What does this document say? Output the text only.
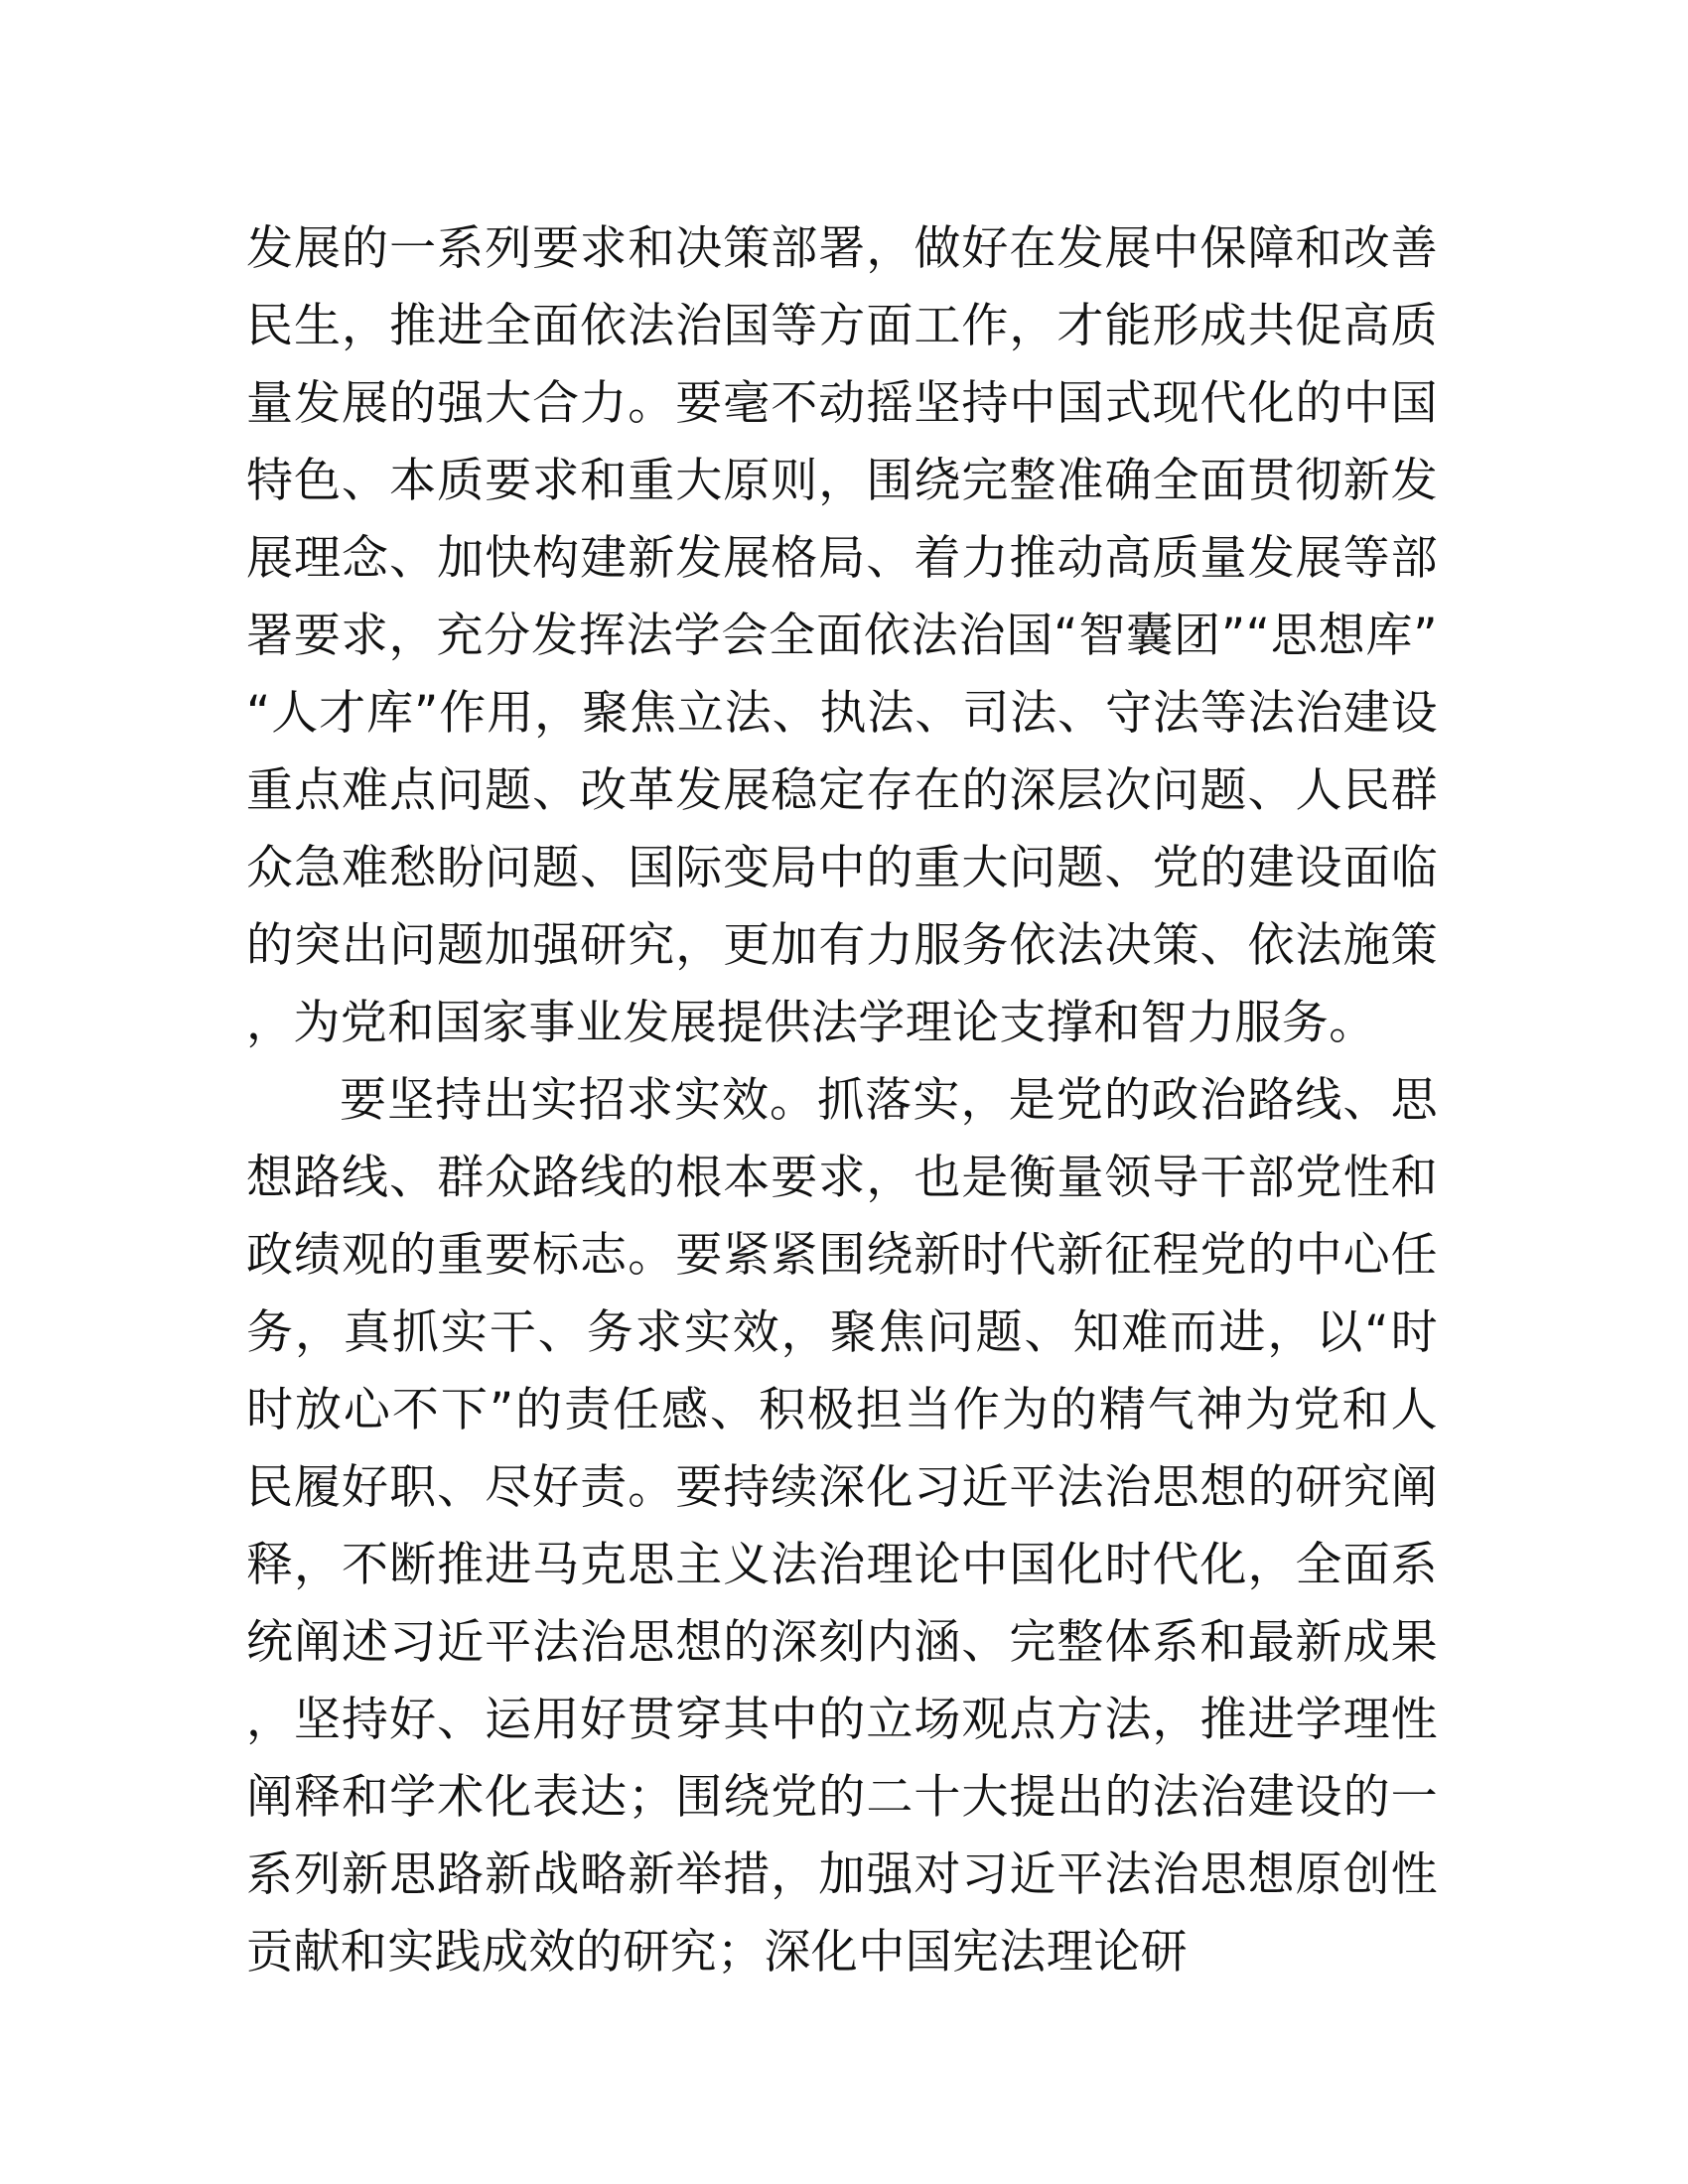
发展的一系列要求和决策部署，做好在发展中保障和改善民生，推进全面依法治国等方面工作，才能形成共促高质量发展的强大合力。要毫不动摇坚持中国式现代化的中国特色、本质要求和重大原则，围绕完整准确全面贯彻新发展理念、加快构建新发展格局、着力推动高质量发展等部署要求，充分发挥法学会全面依法治国“智囊团”“思想库”“人才库”作用，聚焦立法、执法、司法、守法等法治建设重点难点问题、改革发展稳定存在的深层次问题、人民群众急难愁盼问题、国际变局中的重大问题、党的建设面临的突出问题加强研究，更加有力服务依法决策、依法施策，为党和国家事业发展提供法学理论支撑和智力服务。

要坚持出实招求实效。抓落实，是党的政治路线、思想路线、群众路线的根本要求，也是衡量领导干部党性和政绩观的重要标志。要紧紧围绕新时代新征程党的中心任务，真抓实干、务求实效，聚焦问题、知难而进，以“时时放心不下”的责任感、积极担当作为的精气神为党和人民履好职、尽好责。要持续深化习近平法治思想的研究阐释，不断推进马克思主义法治理论中国化时代化，全面系统阐述习近平法治思想的深刻内涵、完整体系和最新成果，坚持好、运用好贯穿其中的立场观点方法，推进学理性阐释和学术化表达；围绕党的二十大提出的法治建设的一系列新思路新战略新举措，加强对习近平法治思想原创性贡献和实践成效的研究；深化中国宪法理论研
